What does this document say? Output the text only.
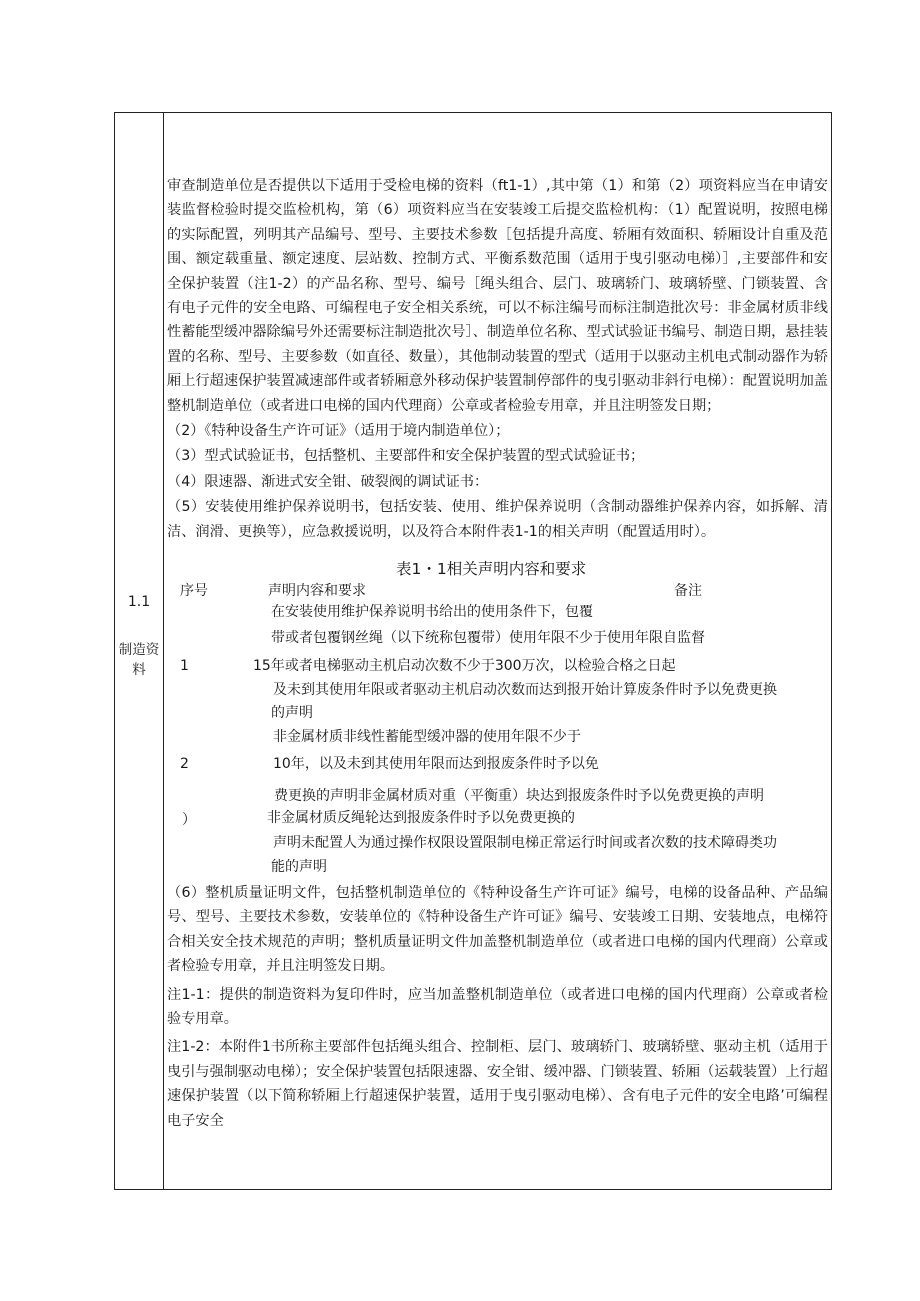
1.1
制造资料

审查制造单位是否提供以下适用于受检电梯的资料（ft1-1）,其中第（1）和第（2）项资料应当在申请安装监督检验时提交监检机构，第（6）项资料应当在安装竣工后提交监检机构：（1）配置说明，按照电梯的实际配置，列明其产品编号、型号、主要技术参数［包括提升高度、轿厢有效面积、轿厢设计自重及范围、额定载重量、额定速度、层站数、控制方式、平衡系数范围（适用于曳引驱动电梯）］,主要部件和安全保护装置（注1-2）的产品名称、型号、编号［绳头组合、层门、玻璃轿门、玻璃轿壁、门锁装置、含有电子元件的安全电路、可编程电子安全相关系统，可以不标注编号而标注制造批次号：非金属材质非线性蓄能型缓冲器除编号外还需要标注制造批次号］、制造单位名称、型式试验证书编号、制造日期，悬挂装置的名称、型号、主要参数（如直径、数量），其他制动装置的型式（适用于以驱动主机电式制动器作为轿厢上行超速保护装置减速部件或者轿厢意外移动保护装置制停部件的曳引驱动非斜行电梯）：配置说明加盖整机制造单位（或者进口电梯的国内代理商）公章或者检验专用章，并且注明签发日期；

（2）《特种设备生产许可证》（适用于境内制造单位）；

（3）型式试验证书，包括整机、主要部件和安全保护装置的型式试验证书；

（4）限速器、渐进式安全钳、破裂阀的调试证书：

（5）安装使用维护保养说明书，包括安装、使用、维护保养说明（含制动器维护保养内容，如拆解、清洁、润滑、更换等），应急救援说明，以及符合本附件表1-1的相关声明（配置适用时）。

表1・1相关声明内容和要求
序号	声明内容和要求	备注
在安装使用维护保养说明书给出的使用条件下，包覆
带或者包覆钢丝绳（以下统称包覆带）使用年限不少于使用年限自监督
1	15年或者电梯驱动主机启动次数不少于300万次，以检验合格之日起
及未到其使用年限或者驱动主机启动次数而达到报开始计算废条件时予以免费更换
的声明
非金属材质非线性蓄能型缓冲器的使用年限不少于
2	10年，以及未到其使用年限而达到报废条件时予以免
费更换的声明非金属材质对重（平衡重）块达到报废条件时予以免费更换的声明
非金属材质反绳轮达到报废条件时予以免费更换的
）
声明未配置人为通过操作权限设置限制电梯正常运行时间或者次数的技术障碍类功
能的声明

（6）整机质量证明文件，包括整机制造单位的《特种设备生产许可证》编号，电梯的设备品种、产品编号、型号、主要技术参数，安装单位的《特种设备生产许可证》编号、安装竣工日期、安装地点，电梯符合相关安全技术规范的声明；整机质量证明文件加盖整机制造单位（或者进口电梯的国内代理商）公章或者检验专用章，并且注明签发日期。

注1-1：提供的制造资料为复印件时，应当加盖整机制造单位（或者进口电梯的国内代理商）公章或者检验专用章。

注1-2：本附件1书所称主要部件包括绳头组合、控制柜、层门、玻璃轿门、玻璃轿壁、驱动主机（适用于曳引与强制驱动电梯）；安全保护装置包括限速器、安全钳、缓冲器、门锁装置、轿厢（运载装置）上行超速保护装置（以下简称轿厢上行超速保护装置，适用于曳引驱动电梯）、含有电子元件的安全电路’可编程电子安全
